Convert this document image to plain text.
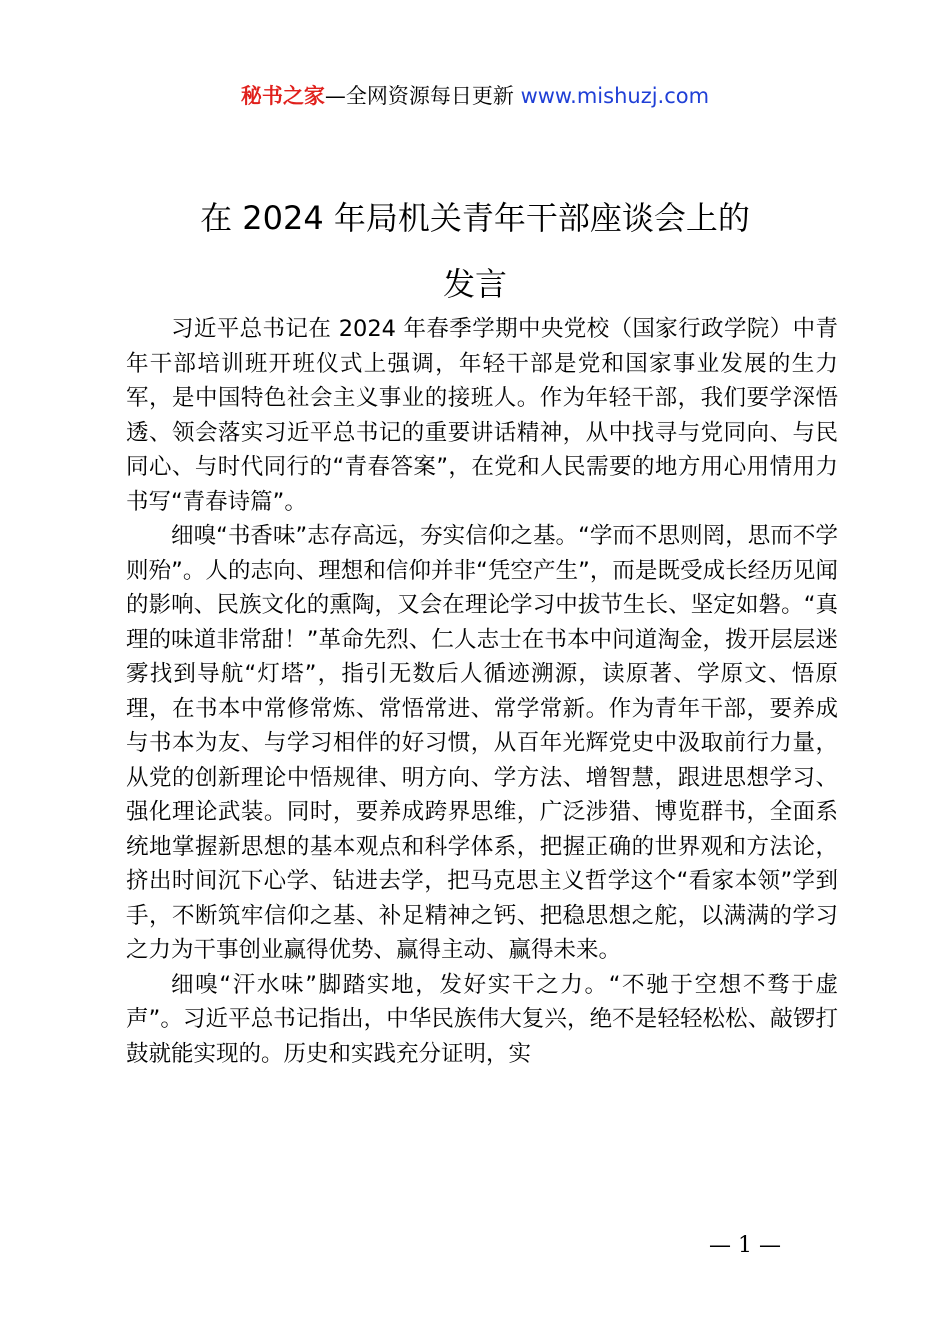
秘书之家—全网资源每日更新 www.mishuzj.com
在 2024 年局机关青年干部座谈会上的
发言

习近平总书记在 2024 年春季学期中央党校（国家行政学院）中青年干部培训班开班仪式上强调，年轻干部是党和国家事业发展的生力军，是中国特色社会主义事业的接班人。作为年轻干部，我们要学深悟透、领会落实习近平总书记的重要讲话精神，从中找寻与党同向、与民同心、与时代同行的“青春答案”，在党和人民需要的地方用心用情用力书写“青春诗篇”。

细嗅“书香味”志存高远，夯实信仰之基。“学而不思则罔，思而不学则殆”。人的志向、理想和信仰并非“凭空产生”，而是既受成长经历见闻的影响、民族文化的熏陶，又会在理论学习中拔节生长、坚定如磐。“真理的味道非常甜！”革命先烈、仁人志士在书本中问道淘金，拨开层层迷雾找到导航“灯塔”，指引无数后人循迹溯源，读原著、学原文、悟原理，在书本中常修常炼、常悟常进、常学常新。作为青年干部，要养成与书本为友、与学习相伴的好习惯，从百年光辉党史中汲取前行力量，从党的创新理论中悟规律、明方向、学方法、增智慧，跟进思想学习、强化理论武装。同时，要养成跨界思维，广泛涉猎、博览群书，全面系统地掌握新思想的基本观点和科学体系，把握正确的世界观和方法论，挤出时间沉下心学、钻进去学，把马克思主义哲学这个“看家本领”学到手，不断筑牢信仰之基、补足精神之钙、把稳思想之舵，以满满的学习之力为干事创业赢得优势、赢得主动、赢得未来。

细嗅“汗水味”脚踏实地，发好实干之力。“不驰于空想不骛于虚声”。习近平总书记指出，中华民族伟大复兴，绝不是轻轻松松、敲锣打鼓就能实现的。历史和实践充分证明，实

— 1 —
